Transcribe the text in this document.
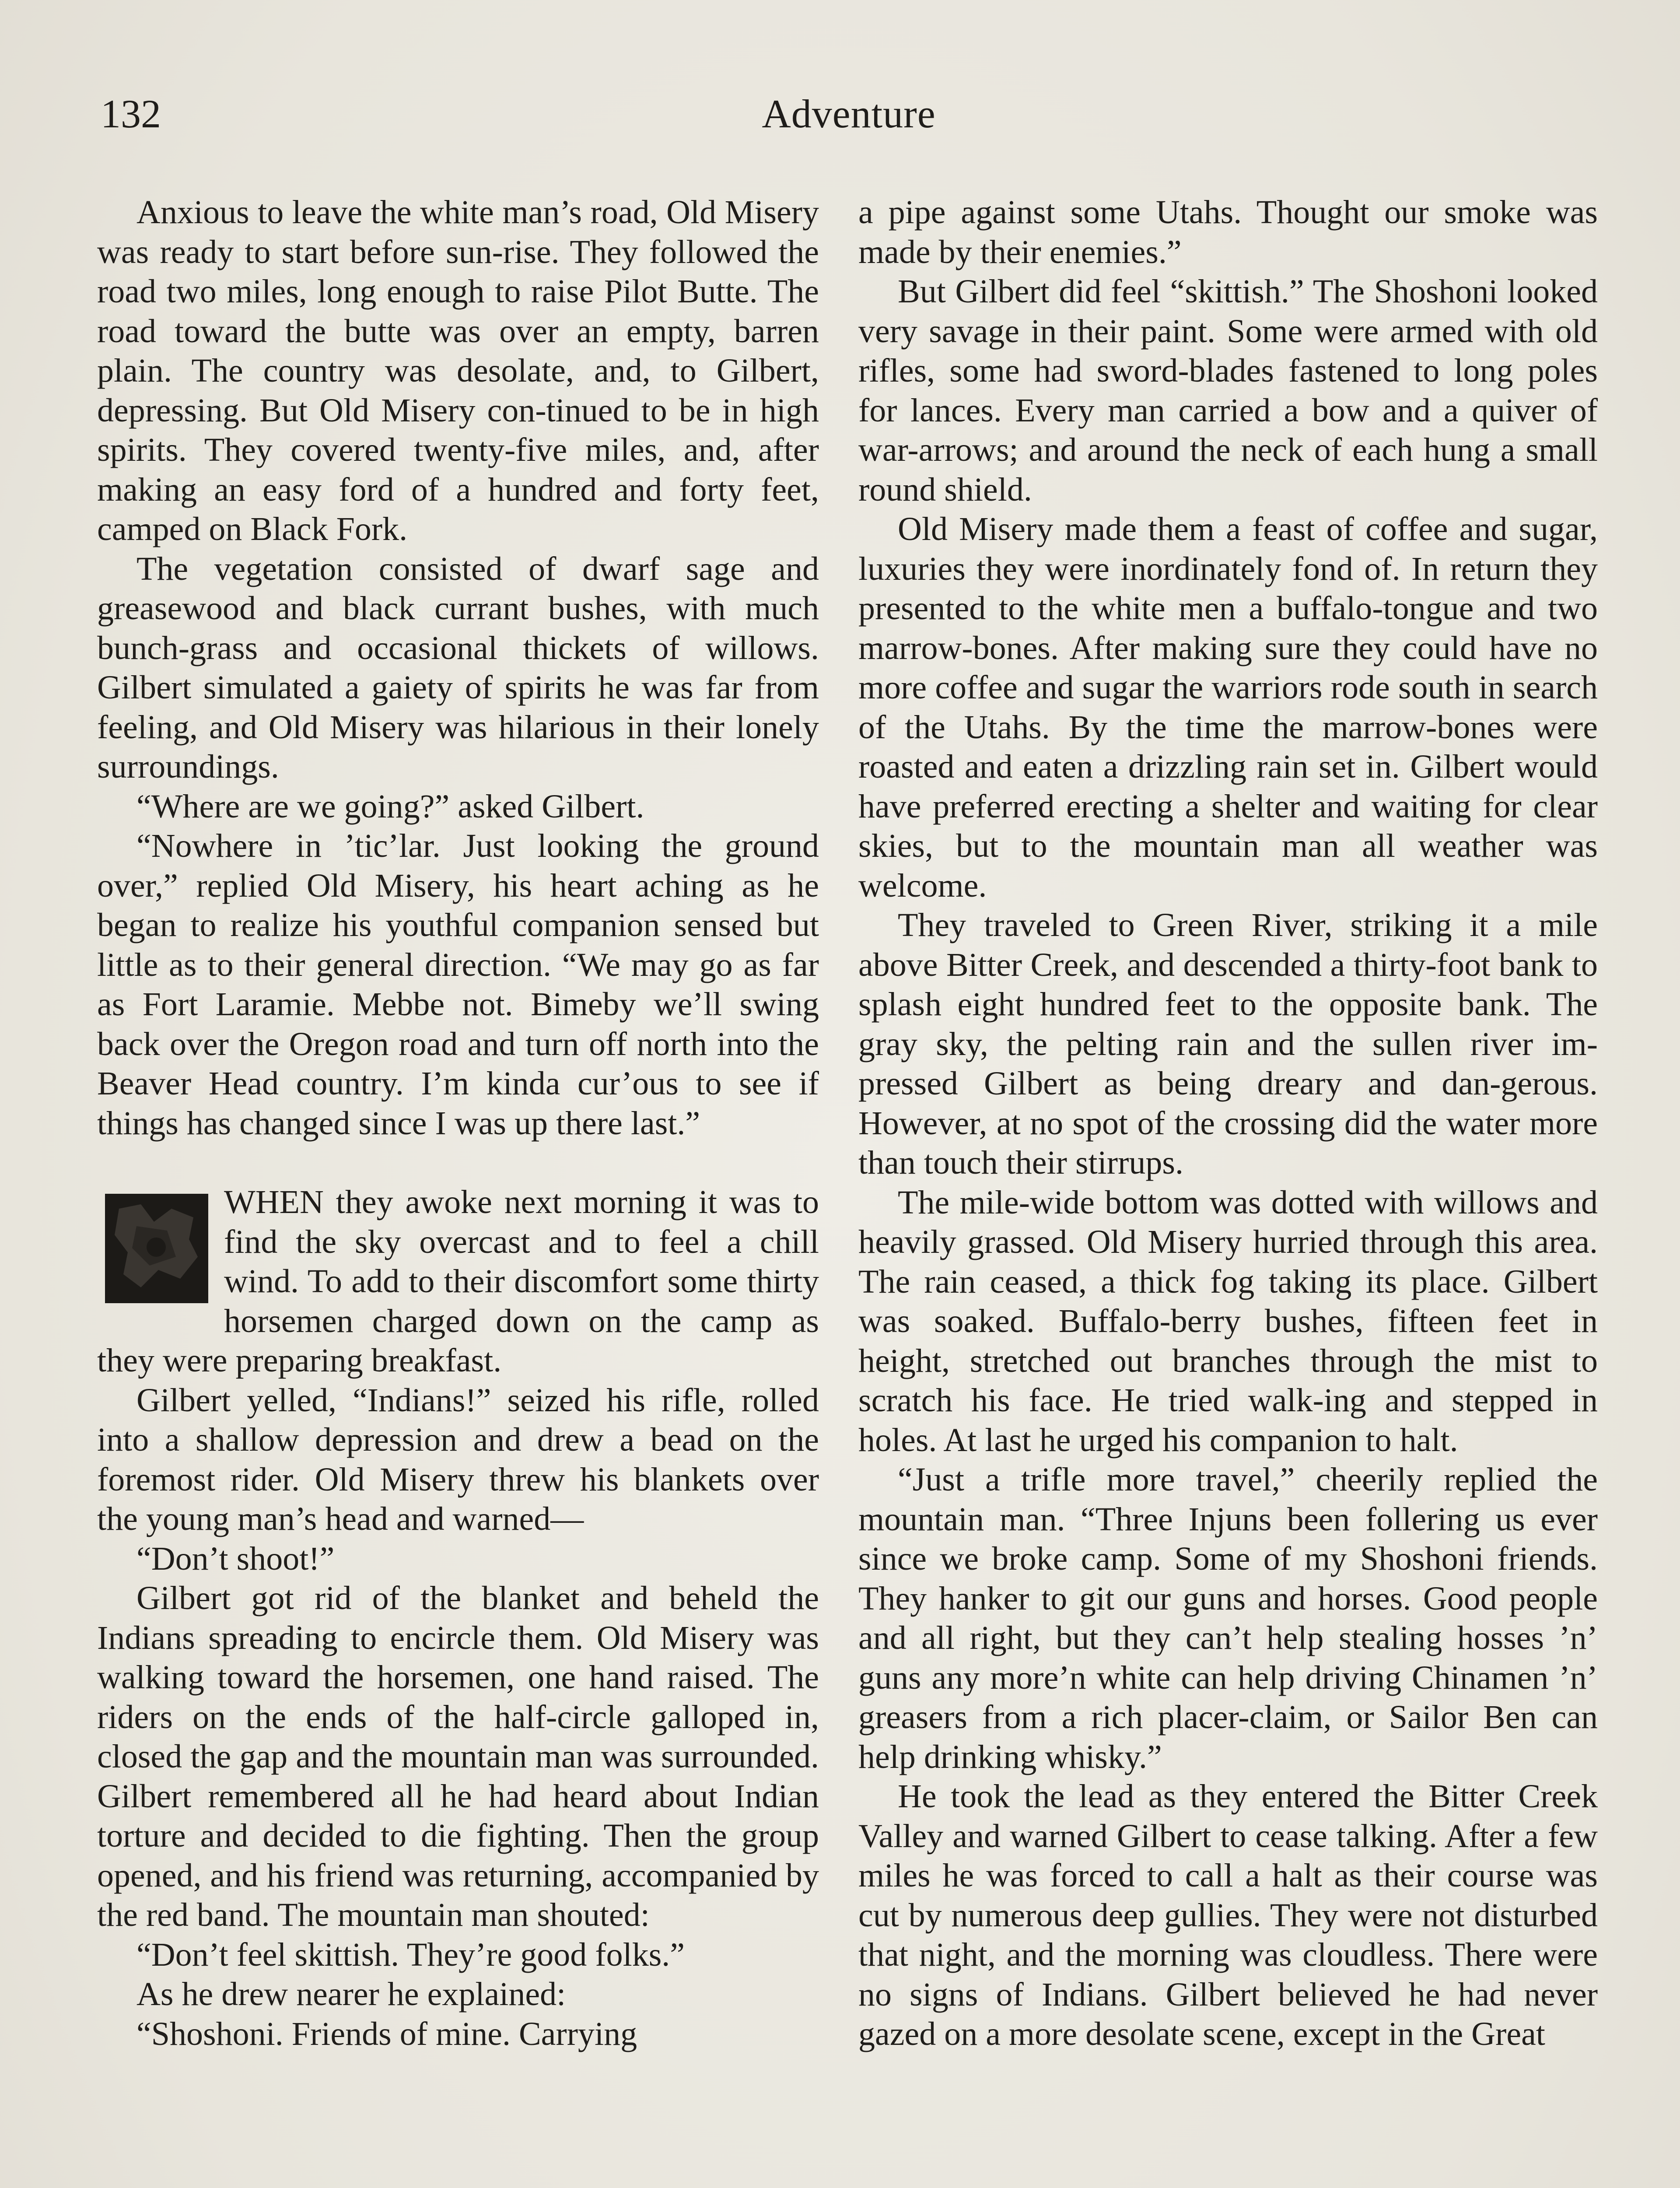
132	Adventure

Anxious to leave the white man’s road, Old Misery was ready to start before sun-rise. They followed the road two miles, long enough to raise Pilot Butte. The road toward the butte was over an empty, barren plain. The country was desolate, and, to Gilbert, depressing. But Old Misery con-tinued to be in high spirits. They covered twenty-five miles, and, after making an easy ford of a hundred and forty feet, camped on Black Fork.

The vegetation consisted of dwarf sage and greasewood and black currant bushes, with much bunch-grass and occasional thickets of willows. Gilbert simulated a gaiety of spirits he was far from feeling, and Old Misery was hilarious in their lonely surroundings.

“Where are we going?” asked Gilbert.

“Nowhere in ’tic’lar. Just looking the ground over,” replied Old Misery, his heart aching as he began to realize his youthful companion sensed but little as to their general direction. “We may go as far as Fort Laramie. Mebbe not. Bimeby we’ll swing back over the Oregon road and turn off north into the Beaver Head country. I’m kinda cur’ous to see if things has changed since I was up there last.”

WHEN they awoke next morning it was to find the sky overcast and to feel a chill wind. To add to their discomfort some thirty horsemen charged down on the camp as they were preparing breakfast.

Gilbert yelled, “Indians!” seized his rifle, rolled into a shallow depression and drew a bead on the foremost rider. Old Misery threw his blankets over the young man’s head and warned—

“Don’t shoot!”

Gilbert got rid of the blanket and beheld the Indians spreading to encircle them. Old Misery was walking toward the horsemen, one hand raised. The riders on the ends of the half-circle galloped in, closed the gap and the mountain man was surrounded. Gilbert remembered all he had heard about Indian torture and decided to die fighting. Then the group opened, and his friend was returning, accompanied by the red band. The mountain man shouted:

“Don’t feel skittish. They’re good folks.”

As he drew nearer he explained:

“Shoshoni. Friends of mine. Carrying

a pipe against some Utahs. Thought our smoke was made by their enemies.”

But Gilbert did feel “skittish.” The Shoshoni looked very savage in their paint. Some were armed with old rifles, some had sword-blades fastened to long poles for lances. Every man carried a bow and a quiver of war-arrows; and around the neck of each hung a small round shield.

Old Misery made them a feast of coffee and sugar, luxuries they were inordinately fond of. In return they presented to the white men a buffalo-tongue and two marrow-bones. After making sure they could have no more coffee and sugar the warriors rode south in search of the Utahs. By the time the marrow-bones were roasted and eaten a drizzling rain set in. Gilbert would have preferred erecting a shelter and waiting for clear skies, but to the mountain man all weather was welcome.

They traveled to Green River, striking it a mile above Bitter Creek, and descended a thirty-foot bank to splash eight hundred feet to the opposite bank. The gray sky, the pelting rain and the sullen river im-pressed Gilbert as being dreary and dan-gerous. However, at no spot of the crossing did the water more than touch their stirrups.

The mile-wide bottom was dotted with willows and heavily grassed. Old Misery hurried through this area. The rain ceased, a thick fog taking its place. Gilbert was soaked. Buffalo-berry bushes, fifteen feet in height, stretched out branches through the mist to scratch his face. He tried walk-ing and stepped in holes. At last he urged his companion to halt.

“Just a trifle more travel,” cheerily replied the mountain man. “Three Injuns been follering us ever since we broke camp. Some of my Shoshoni friends. They hanker to git our guns and horses. Good people and all right, but they can’t help stealing hosses ’n’ guns any more’n white can help driving Chinamen ’n’ greasers from a rich placer-claim, or Sailor Ben can help drinking whisky.”

He took the lead as they entered the Bitter Creek Valley and warned Gilbert to cease talking. After a few miles he was forced to call a halt as their course was cut by numerous deep gullies. They were not disturbed that night, and the morning was cloudless. There were no signs of Indians. Gilbert believed he had never gazed on a more desolate scene, except in the Great
